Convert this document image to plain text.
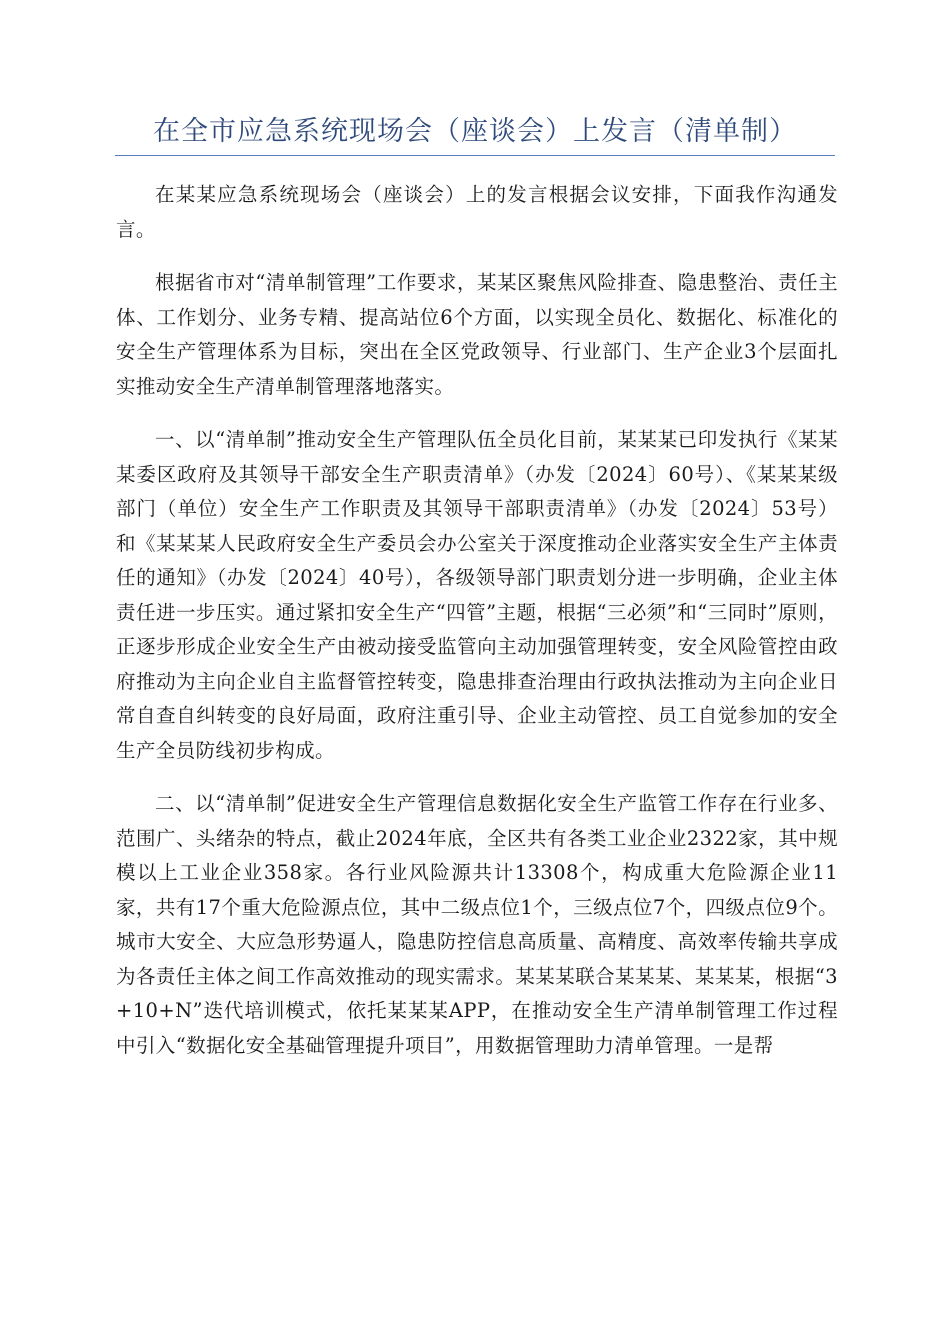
在全市应急系统现场会（座谈会）上发言（清单制）

在某某应急系统现场会（座谈会）上的发言根据会议安排，下面我作沟通发言。

根据省市对“清单制管理”工作要求，某某区聚焦风险排查、隐患整治、责任主体、工作划分、业务专精、提高站位6个方面，以实现全员化、数据化、标准化的安全生产管理体系为目标，突出在全区党政领导、行业部门、生产企业3个层面扎实推动安全生产清单制管理落地落实。

一、以“清单制”推动安全生产管理队伍全员化目前，某某某已印发执行《某某某委区政府及其领导干部安全生产职责清单》（办发〔2024〕60号）、《某某某级部门（单位）安全生产工作职责及其领导干部职责清单》（办发〔2024〕53号）和《某某某人民政府安全生产委员会办公室关于深度推动企业落实安全生产主体责任的通知》（办发〔2024〕40号），各级领导部门职责划分进一步明确，企业主体责任进一步压实。通过紧扣安全生产“四管”主题，根据“三必须”和“三同时”原则，正逐步形成企业安全生产由被动接受监管向主动加强管理转变，安全风险管控由政府推动为主向企业自主监督管控转变，隐患排查治理由行政执法推动为主向企业日常自查自纠转变的良好局面，政府注重引导、企业主动管控、员工自觉参加的安全生产全员防线初步构成。

二、以“清单制”促进安全生产管理信息数据化安全生产监管工作存在行业多、范围广、头绪杂的特点，截止2024年底，全区共有各类工业企业2322家，其中规模以上工业企业358家。各行业风险源共计13308个，构成重大危险源企业11家，共有17个重大危险源点位，其中二级点位1个，三级点位7个，四级点位9个。城市大安全、大应急形势逼人，隐患防控信息高质量、高精度、高效率传输共享成为各责任主体之间工作高效推动的现实需求。某某某联合某某某、某某某，根据“3+10+N”迭代培训模式，依托某某某APP，在推动安全生产清单制管理工作过程中引入“数据化安全基础管理提升项目”，用数据管理助力清单管理。一是帮
